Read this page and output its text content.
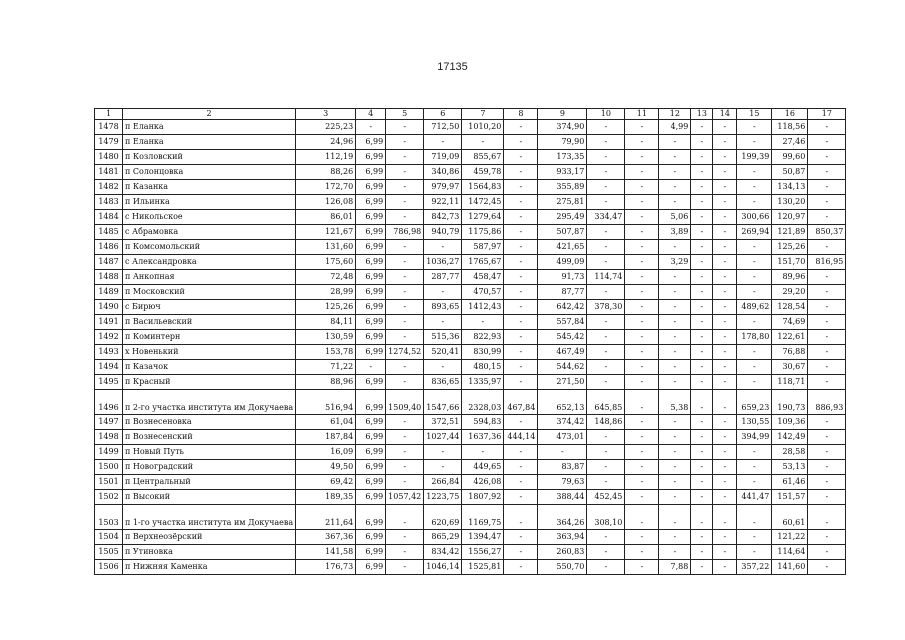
17135
1	2	3	4	5	6	7	8	9	10	11	12	13	14	15	16	17
1478	п Еланка	225,23	-	-	712,50	1010,20	-	374,90	-	-	4,99	-	-	-	118,56	-
1479	п Еланка	24,96	6,99	-	-	-	-	79,90	-	-	-	-	-	-	27,46	-
1480	п Козловский	112,19	6,99	-	719,09	855,67	-	173,35	-	-	-	-	-	199,39	99,60	-
1481	п Солонцовка	88,26	6,99	-	340,86	459,78	-	933,17	-	-	-	-	-	-	50,87	-
1482	п Казанка	172,70	6,99	-	979,97	1564,83	-	355,89	-	-	-	-	-	-	134,13	-
1483	п Ильинка	126,08	6,99	-	922,11	1472,45	-	275,81	-	-	-	-	-	-	130,20	-
1484	с Никольское	86,01	6,99	-	842,73	1279,64	-	295,49	334,47	-	5,06	-	-	300,66	120,97	-
1485	с Абрамовка	121,67	6,99	786,98	940,79	1175,86	-	507,87	-	-	3,89	-	-	269,94	121,89	850,37
1486	п Комсомольский	131,60	6,99	-	-	587,97	-	421,65	-	-	-	-	-	-	125,26	-
1487	с Александровка	175,60	6,99	-	1036,27	1765,67	-	499,09	-	-	3,29	-	-	-	151,70	816,95
1488	п Анкопная	72,48	6,99	-	287,77	458,47	-	91,73	114,74	-	-	-	-	-	89,96	-
1489	п Московский	28,99	6,99	-	-	470,57	-	87,77	-	-	-	-	-	-	29,20	-
1490	с Бирюч	125,26	6,99	-	893,65	1412,43	-	642,42	378,30	-	-	-	-	489,62	128,54	-
1491	п Васильевский	84,11	6,99	-	-	-	-	557,84	-	-	-	-	-	-	74,69	-
1492	п Коминтерн	130,59	6,99	-	515,36	822,93	-	545,42	-	-	-	-	-	178,80	122,61	-
1493	х Новенький	153,78	6,99	1274,52	520,41	830,99	-	467,49	-	-	-	-	-	-	76,88	-
1494	п Казачок	71,22	-	-	-	480,15	-	544,62	-	-	-	-	-	-	30,67	-
1495	п Красный	88,96	6,99	-	836,65	1335,97	-	271,50	-	-	-	-	-	-	118,71	-
1496	п 2-го участка института им Докучаева	516,94	6,99	1509,40	1547,66	2328,03	467,84	652,13	645,85	-	5,38	-	-	659,23	190,73	886,93
1497	п Вознесеновка	61,04	6,99	-	372,51	594,83	-	374,42	148,86	-	-	-	-	130,55	109,36	-
1498	п Вознесенский	187,84	6,99	-	1027,44	1637,36	444,14	473,01	-	-	-	-	-	394,99	142,49	-
1499	п Новый Путь	16,09	6,99	-	-	-	-	-	-	-	-	-	-	-	28,58	-
1500	п Новоградский	49,50	6,99	-	-	449,65	-	83,87	-	-	-	-	-	-	53,13	-
1501	п Центральный	69,42	6,99	-	266,84	426,08	-	79,63	-	-	-	-	-	-	61,46	-
1502	п Высокий	189,35	6,99	1057,42	1223,75	1807,92	-	388,44	452,45	-	-	-	-	441,47	151,57	-
1503	п 1-го участка института им Докучаева	211,64	6,99	-	620,69	1169,75	-	364,26	308,10	-	-	-	-	-	60,61	-
1504	п Верхнеозёрский	367,36	6,99	-	865,29	1394,47	-	363,94	-	-	-	-	-	-	121,22	-
1505	п Утиновка	141,58	6,99	-	834,42	1556,27	-	260,83	-	-	-	-	-	-	114,64	-
1506	п Нижняя Каменка	176,73	6,99	-	1046,14	1525,81	-	550,70	-	-	7,88	-	-	357,22	141,60	-
